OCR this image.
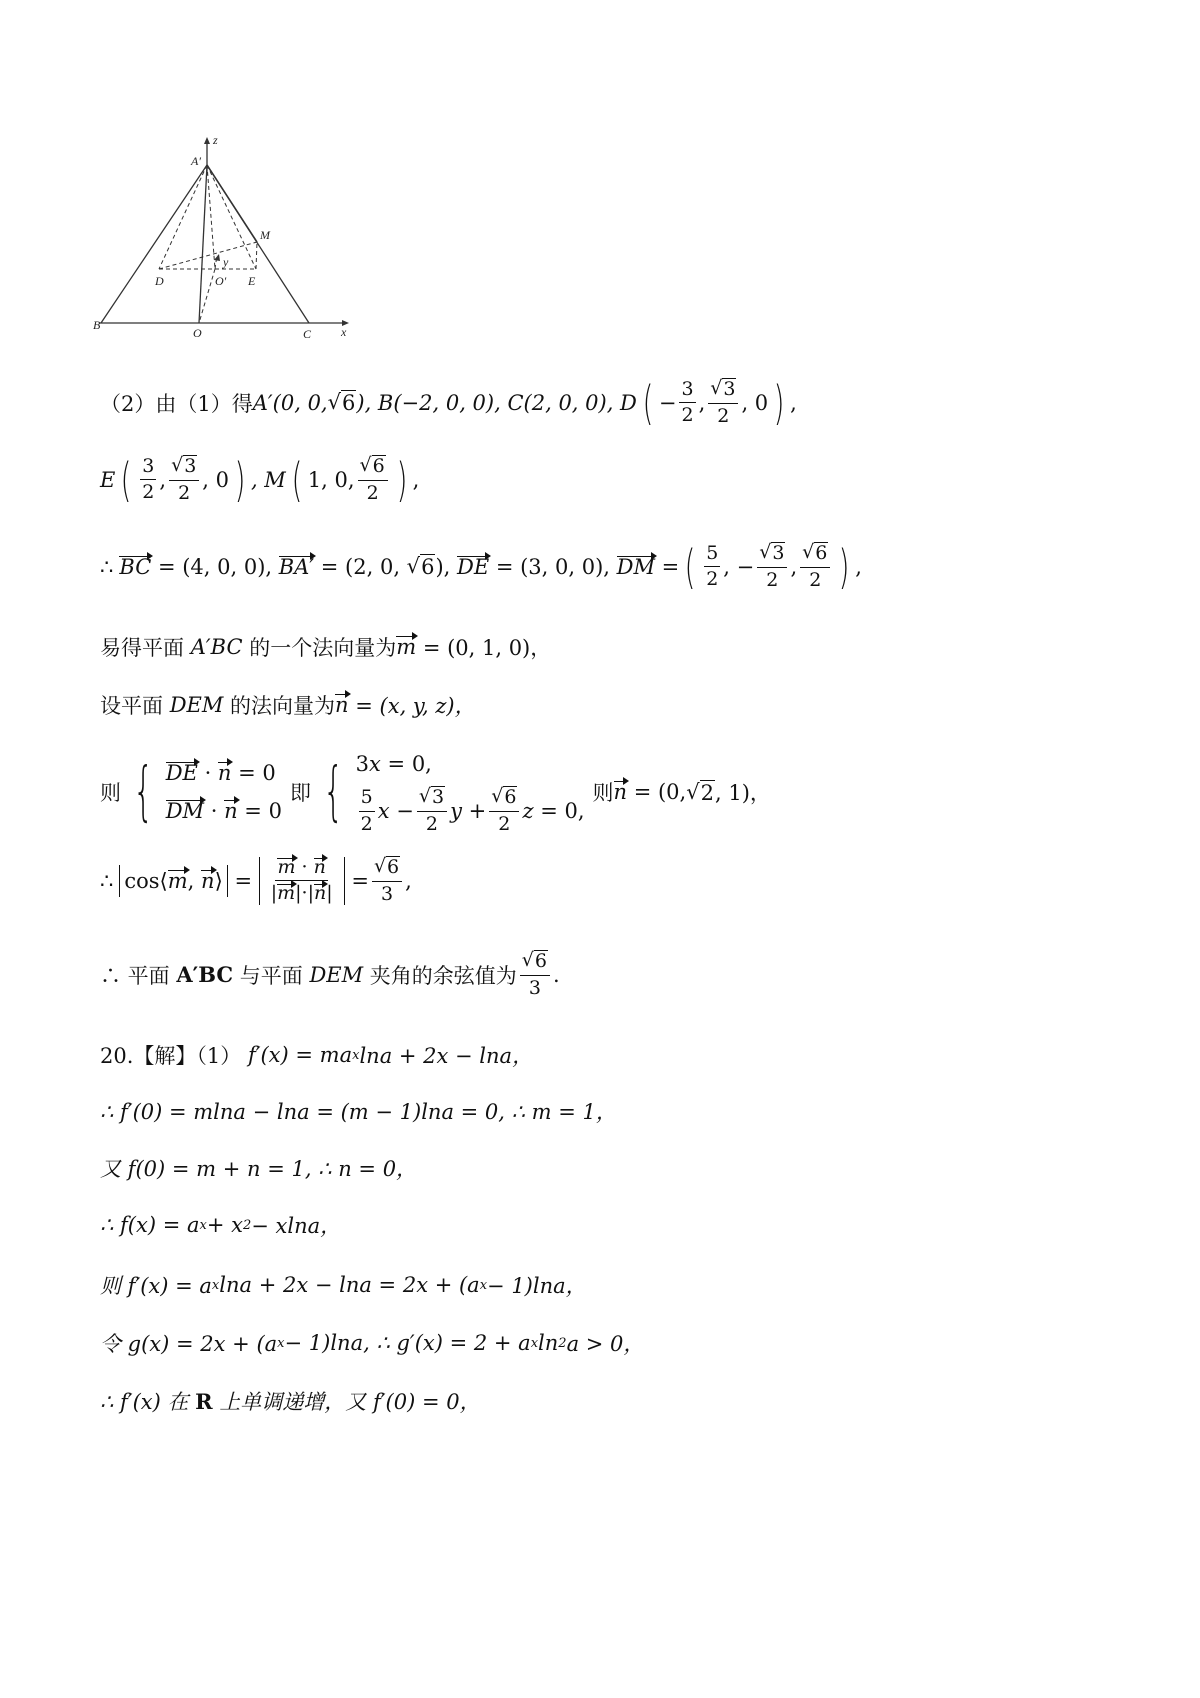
z
A′
M
y
D	O′ E
B
O	C x
（2）由（1）得 A′(0, 0, √ 6 ), B(−2, 0, 0), C(2, 0, 0), D ( − $\frac{3}{2}$ , $\frac{√ 3}{2}$ , 0 ) ,
E ( $\frac{3}{2}$ , $\frac{√ 3}{2}$ , 0 ) , M ( 1, 0, $\frac{√ 6}{2}$ ) ,
∴ BC = (4, 0, 0), BA′ = (2, 0, √ 6 ), DE = (3, 0, 0), DM = ( $\frac{5}{2}$ , − $\frac{√ 3}{2}$ , $\frac{√ 6}{2}$ ) ,
易得平面
A′BC
的一个法向量为 m
= (0, 1, 0)，
设平面
DEM
的法向量为 n
= (x, y, z)，
则 { DE · n = 0
DM · n = 0
即 { 3 x = 0,
$\frac{5}{2}$ $x - \frac{√ 3}{2}$ $y + \frac{√ 6}{2}$ z = 0,
则 n
= (0, √ 2 , 1)，
∴ cos⟨m, n⟩ = $\frac{m \cdot n}{|m|\cdot|n|} = \frac{√ 6}{3}$ ,
∴ 平面
A′BC
与平面
DEM
夹角的余弦值为 $\frac{√ 6}{3}$ .
20.【解】（1）
f′(x) = ma x lna + 2x − lna，
∴ f′(0) = mlna − lna = (m − 1)lna = 0, ∴ m = 1，
又 f(0) = m + n = 1, ∴ n = 0，
∴ f(x) = a x + x 2 − xlna，
则 f′(x) = a x lna + 2x − lna = 2x + (a x − 1)lna，
令 g(x) = 2x + (a x − 1)lna, ∴ g′(x) = 2 + a x ln 2 a > 0，
∴ f′(x) 在
R
上单调递增，又 f′(0) = 0，
